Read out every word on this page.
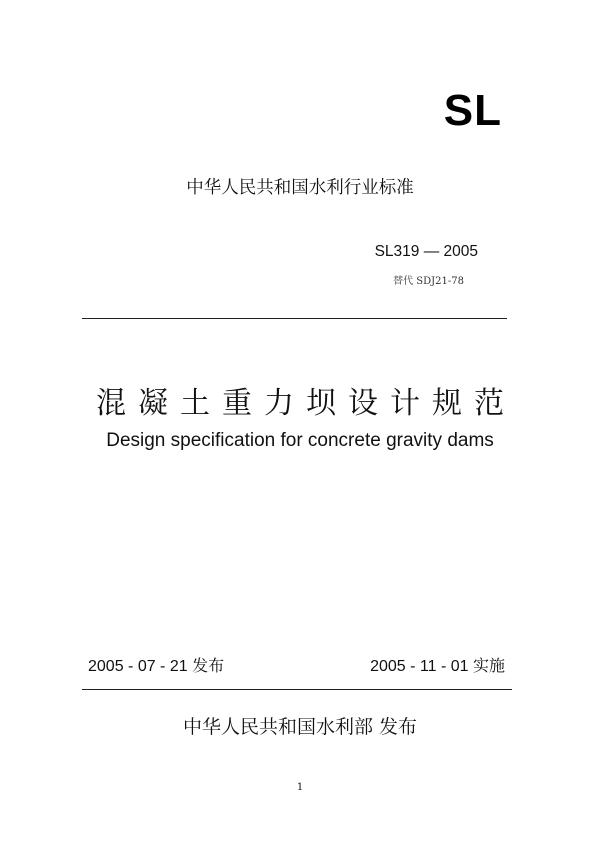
SL
中华人民共和国水利行业标准
SL319 — 2005
替代 SDJ21-78
混凝土重力坝设计规范
Design specification for concrete gravity dams
2005 - 07 - 21 发布	2005 - 11 - 01 实施
中华人民共和国水利部 发布
1
